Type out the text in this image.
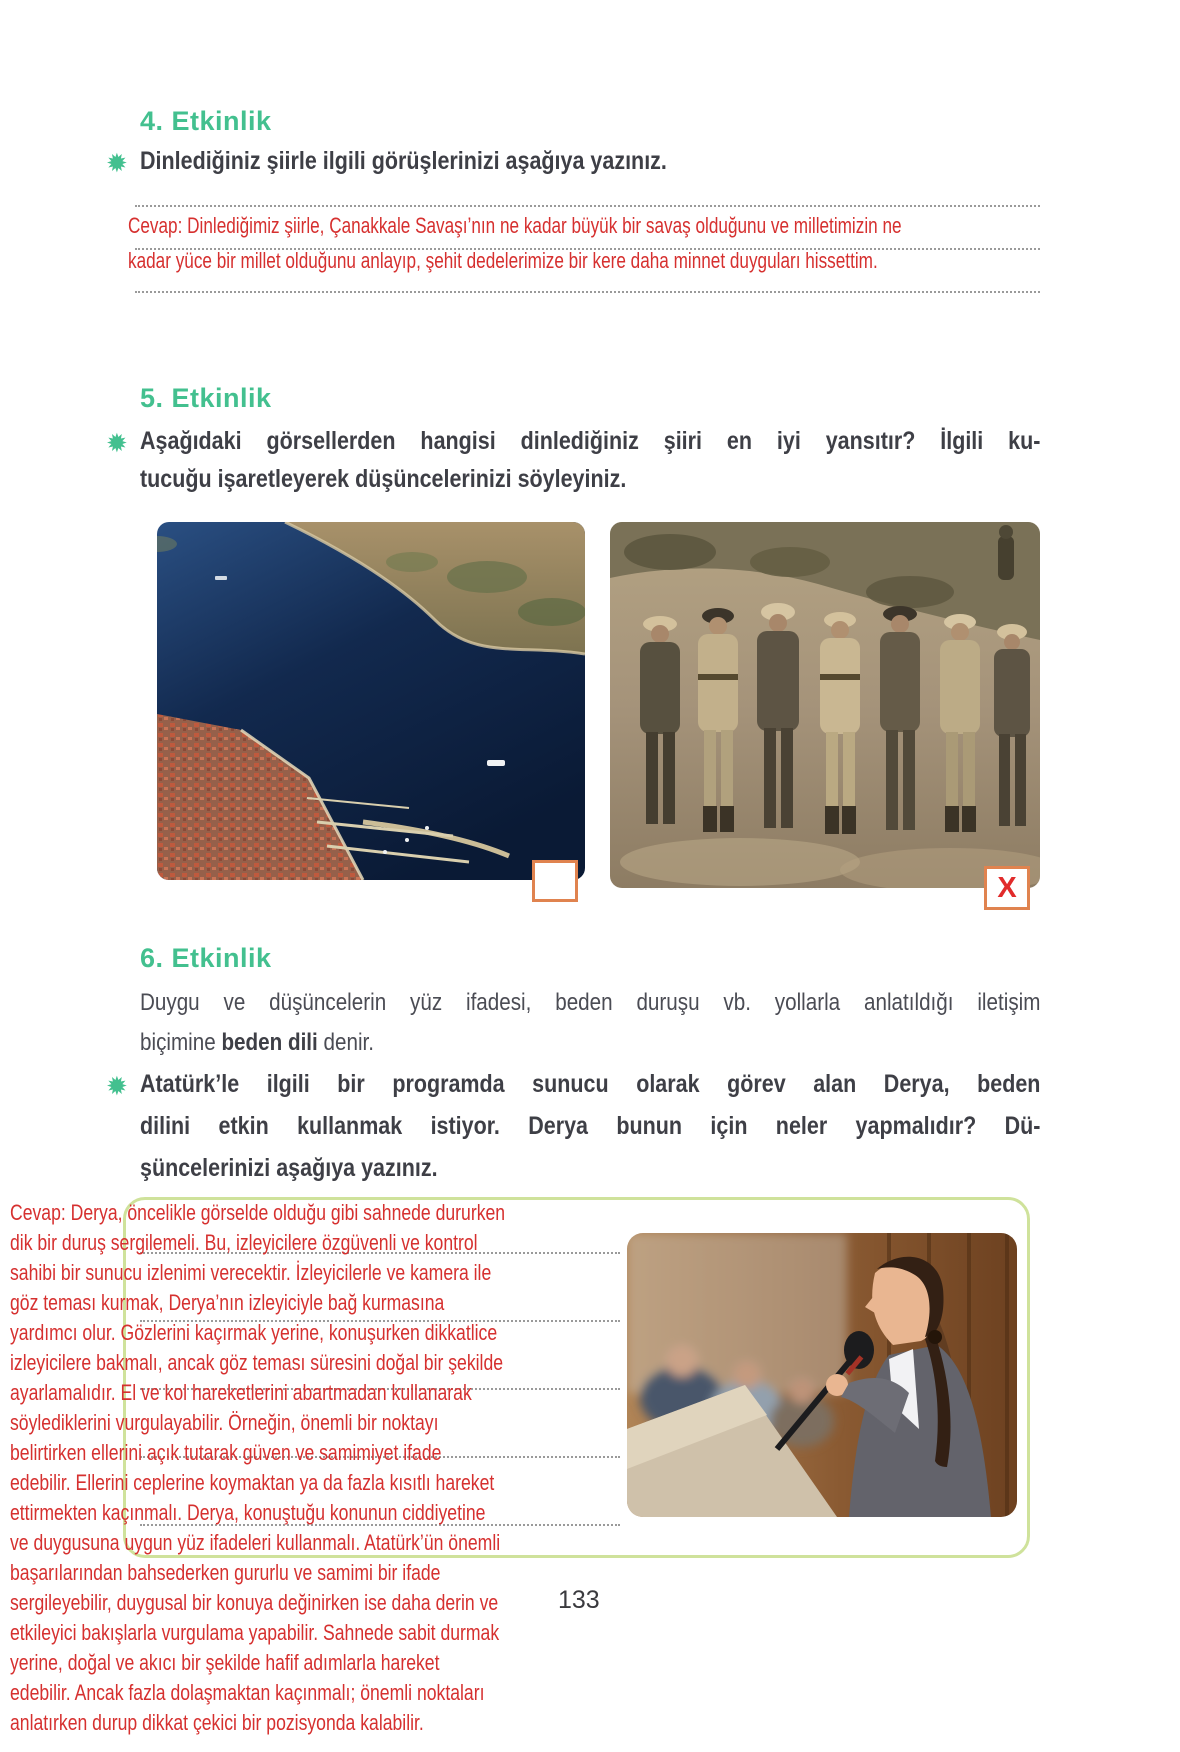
4. Etkinlik
✹ Dinlediğiniz şiirle ilgili görüşlerinizi aşağıya yazınız.
Cevap: Dinlediğimiz şiirle, Çanakkale Savaşı’nın ne kadar büyük bir savaş olduğunu ve milletimizin ne
kadar yüce bir millet olduğunu anlayıp, şehit dedelerimize bir kere daha minnet duyguları hissettim.
5. Etkinlik
✹ Aşağıdaki görsellerden hangisi dinlediğiniz şiiri en iyi yansıtır? İlgili ku-
tucuğu işaretleyerek düşüncelerinizi söyleyiniz.
X
6. Etkinlik
Duygu ve düşüncelerin yüz ifadesi, beden duruşu vb. yollarla anlatıldığı iletişim
biçimine beden dili denir.
✹ Atatürk’le ilgili bir programda sunucu olarak görev alan Derya, beden
dilini etkin kullanmak istiyor. Derya bunun için neler yapmalıdır? Dü-
şüncelerinizi aşağıya yazınız.
133
Cevap: Derya, öncelikle görselde olduğu gibi sahnede dururken
dik bir duruş sergilemeli. Bu, izleyicilere özgüvenli ve kontrol
sahibi bir sunucu izlenimi verecektir. İzleyicilerle ve kamera ile
göz teması kurmak, Derya’nın izleyiciyle bağ kurmasına
yardımcı olur. Gözlerini kaçırmak yerine, konuşurken dikkatlice
izleyicilere bakmalı, ancak göz teması süresini doğal bir şekilde
ayarlamalıdır. El ve kol hareketlerini abartmadan kullanarak
söylediklerini vurgulayabilir. Örneğin, önemli bir noktayı
belirtirken ellerini açık tutarak güven ve samimiyet ifade
edebilir. Ellerini ceplerine koymaktan ya da fazla kısıtlı hareket
ettirmekten kaçınmalı. Derya, konuştuğu konunun ciddiyetine
ve duygusuna uygun yüz ifadeleri kullanmalı. Atatürk’ün önemli
başarılarından bahsederken gururlu ve samimi bir ifade
sergileyebilir, duygusal bir konuya değinirken ise daha derin ve
etkileyici bakışlarla vurgulama yapabilir. Sahnede sabit durmak
yerine, doğal ve akıcı bir şekilde hafif adımlarla hareket
edebilir. Ancak fazla dolaşmaktan kaçınmalı; önemli noktaları
anlatırken durup dikkat çekici bir pozisyonda kalabilir.
